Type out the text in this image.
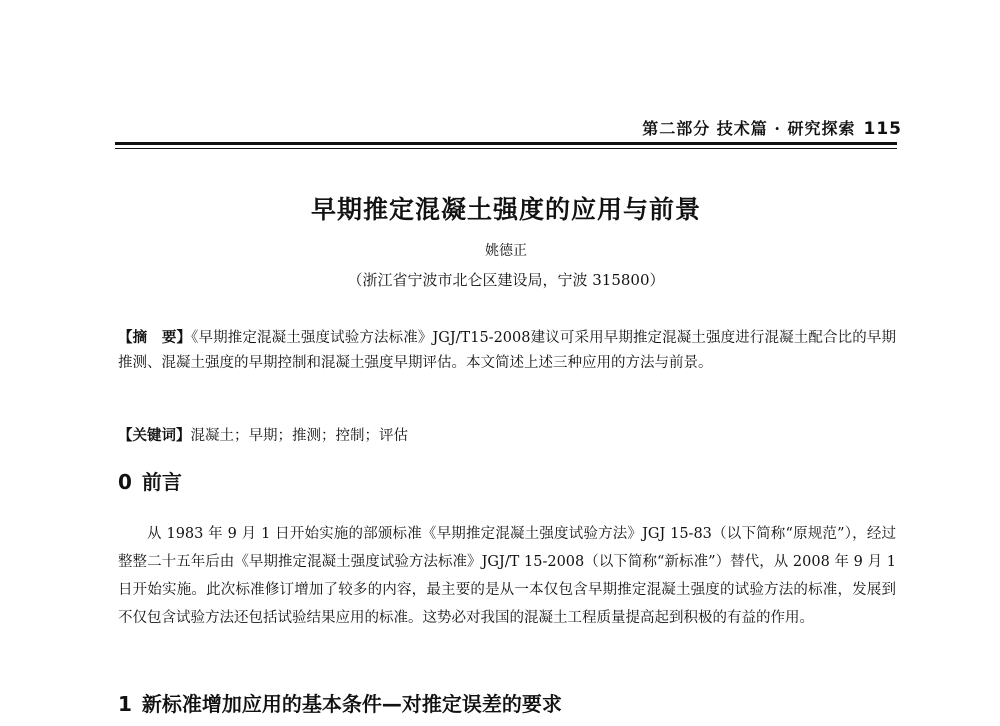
第二部分 技术篇 · 研究探索 115
早期推定混凝土强度的应用与前景
姚德正
（浙江省宁波市北仑区建设局，宁波 315800）
【摘　要】《早期推定混凝土强度试验方法标准》JGJ/T15-2008建议可采用早期推定混凝土强度进行混凝土配合比的早期推测、混凝土强度的早期控制和混凝土强度早期评估。本文简述上述三种应用的方法与前景。
【关键词】混凝土；早期；推测；控制；评估
0 前言
从 1983 年 9 月 1 日开始实施的部颁标准《早期推定混凝土强度试验方法》JGJ 15-83（以下简称“原规范”），经过整整二十五年后由《早期推定混凝土强度试验方法标准》JGJ/T 15-2008（以下简称“新标准”）替代，从 2008 年 9 月 1 日开始实施。此次标准修订增加了较多的内容，最主要的是从一本仅包含早期推定混凝土强度的试验方法的标准，发展到不仅包含试验方法还包括试验结果应用的标准。这势必对我国的混凝土工程质量提高起到积极的有益的作用。
1 新标准增加应用的基本条件—对推定误差的要求
